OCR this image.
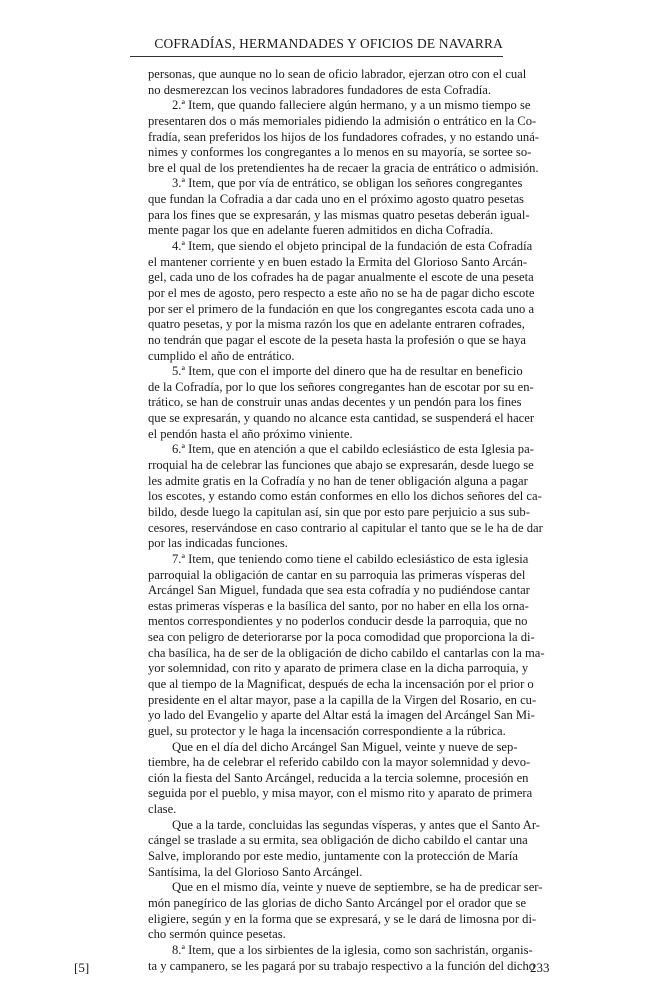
COFRADÍAS, HERMANDADES Y OFICIOS DE NAVARRA
personas, que aunque no lo sean de oficio labrador, ejerzan otro con el cual
no desmerezcan los vecinos labradores fundadores de esta Cofradía.
2.ª Item, que quando falleciere algún hermano, y a un mismo tiempo se
presentaren dos o más memoriales pidiendo la admisión o entrático en la Co-
fradía, sean preferidos los hijos de los fundadores cofrades, y no estando uná-
nimes y conformes los congregantes a lo menos en su mayoría, se sortee so-
bre el qual de los pretendientes ha de recaer la gracia de entrático o admisión.
3.ª Item, que por vía de entrático, se obligan los señores congregantes
que fundan la Cofradia a dar cada uno en el próximo agosto quatro pesetas
para los fines que se expresarán, y las mismas quatro pesetas deberán igual-
mente pagar los que en adelante fueren admitidos en dicha Cofradía.
4.ª Item, que siendo el objeto principal de la fundación de esta Cofradía
el mantener corriente y en buen estado la Ermita del Glorioso Santo Arcán-
gel, cada uno de los cofrades ha de pagar anualmente el escote de una peseta
por el mes de agosto, pero respecto a este año no se ha de pagar dicho escote
por ser el primero de la fundación en que los congregantes escota cada uno a
quatro pesetas, y por la misma razón los que en adelante entraren cofrades,
no tendrán que pagar el escote de la peseta hasta la profesión o que se haya
cumplido el año de entrático.
5.ª Item, que con el importe del dinero que ha de resultar en beneficio
de la Cofradía, por lo que los señores congregantes han de escotar por su en-
trático, se han de construir unas andas decentes y un pendón para los fines
que se expresarán, y quando no alcance esta cantidad, se suspenderá el hacer
el pendón hasta el año próximo viniente.
6.ª Item, que en atención a que el cabildo eclesiástico de esta Iglesia pa-
rroquial ha de celebrar las funciones que abajo se expresarán, desde luego se
les admite gratis en la Cofradía y no han de tener obligación alguna a pagar
los escotes, y estando como están conformes en ello los dichos señores del ca-
bildo, desde luego la capitulan así, sin que por esto pare perjuicio a sus sub-
cesores, reservándose en caso contrario al capitular el tanto que se le ha de dar
por las indicadas funciones.
7.ª Item, que teniendo como tiene el cabildo eclesiástico de esta iglesia
parroquial la obligación de cantar en su parroquia las primeras vísperas del
Arcángel San Miguel, fundada que sea esta cofradía y no pudiéndose cantar
estas primeras vísperas e la basílica del santo, por no haber en ella los orna-
mentos correspondientes y no poderlos conducir desde la parroquia, que no
sea con peligro de deteriorarse por la poca comodidad que proporciona la di-
cha basílica, ha de ser de la obligación de dicho cabildo el cantarlas con la ma-
yor solemnidad, con rito y aparato de primera clase en la dicha parroquia, y
que al tiempo de la Magnificat, después de echa la incensación por el prior o
presidente en el altar mayor, pase a la capilla de la Virgen del Rosario, en cu-
yo lado del Evangelio y aparte del Altar está la imagen del Arcángel San Mi-
guel, su protector y le haga la incensación correspondiente a la rúbrica.
Que en el día del dicho Arcángel San Miguel, veinte y nueve de sep-
tiembre, ha de celebrar el referido cabildo con la mayor solemnidad y devo-
ción la fiesta del Santo Arcángel, reducida a la tercia solemne, procesión en
seguida por el pueblo, y misa mayor, con el mismo rito y aparato de primera
clase.
Que a la tarde, concluidas las segundas vísperas, y antes que el Santo Ar-
cángel se traslade a su ermita, sea obligación de dicho cabildo el cantar una
Salve, implorando por este medio, juntamente con la protección de María
Santísima, la del Glorioso Santo Arcángel.
Que en el mismo día, veinte y nueve de septiembre, se ha de predicar ser-
món panegírico de las glorias de dicho Santo Arcángel por el orador que se
eligiere, según y en la forma que se expresará, y se le dará de limosna por di-
cho sermón quince pesetas.
8.ª Item, que a los sirbientes de la iglesia, como son sachristán, organis-
ta y campanero, se les pagará por su trabajo respectivo a la función del dicho
[5]	233
